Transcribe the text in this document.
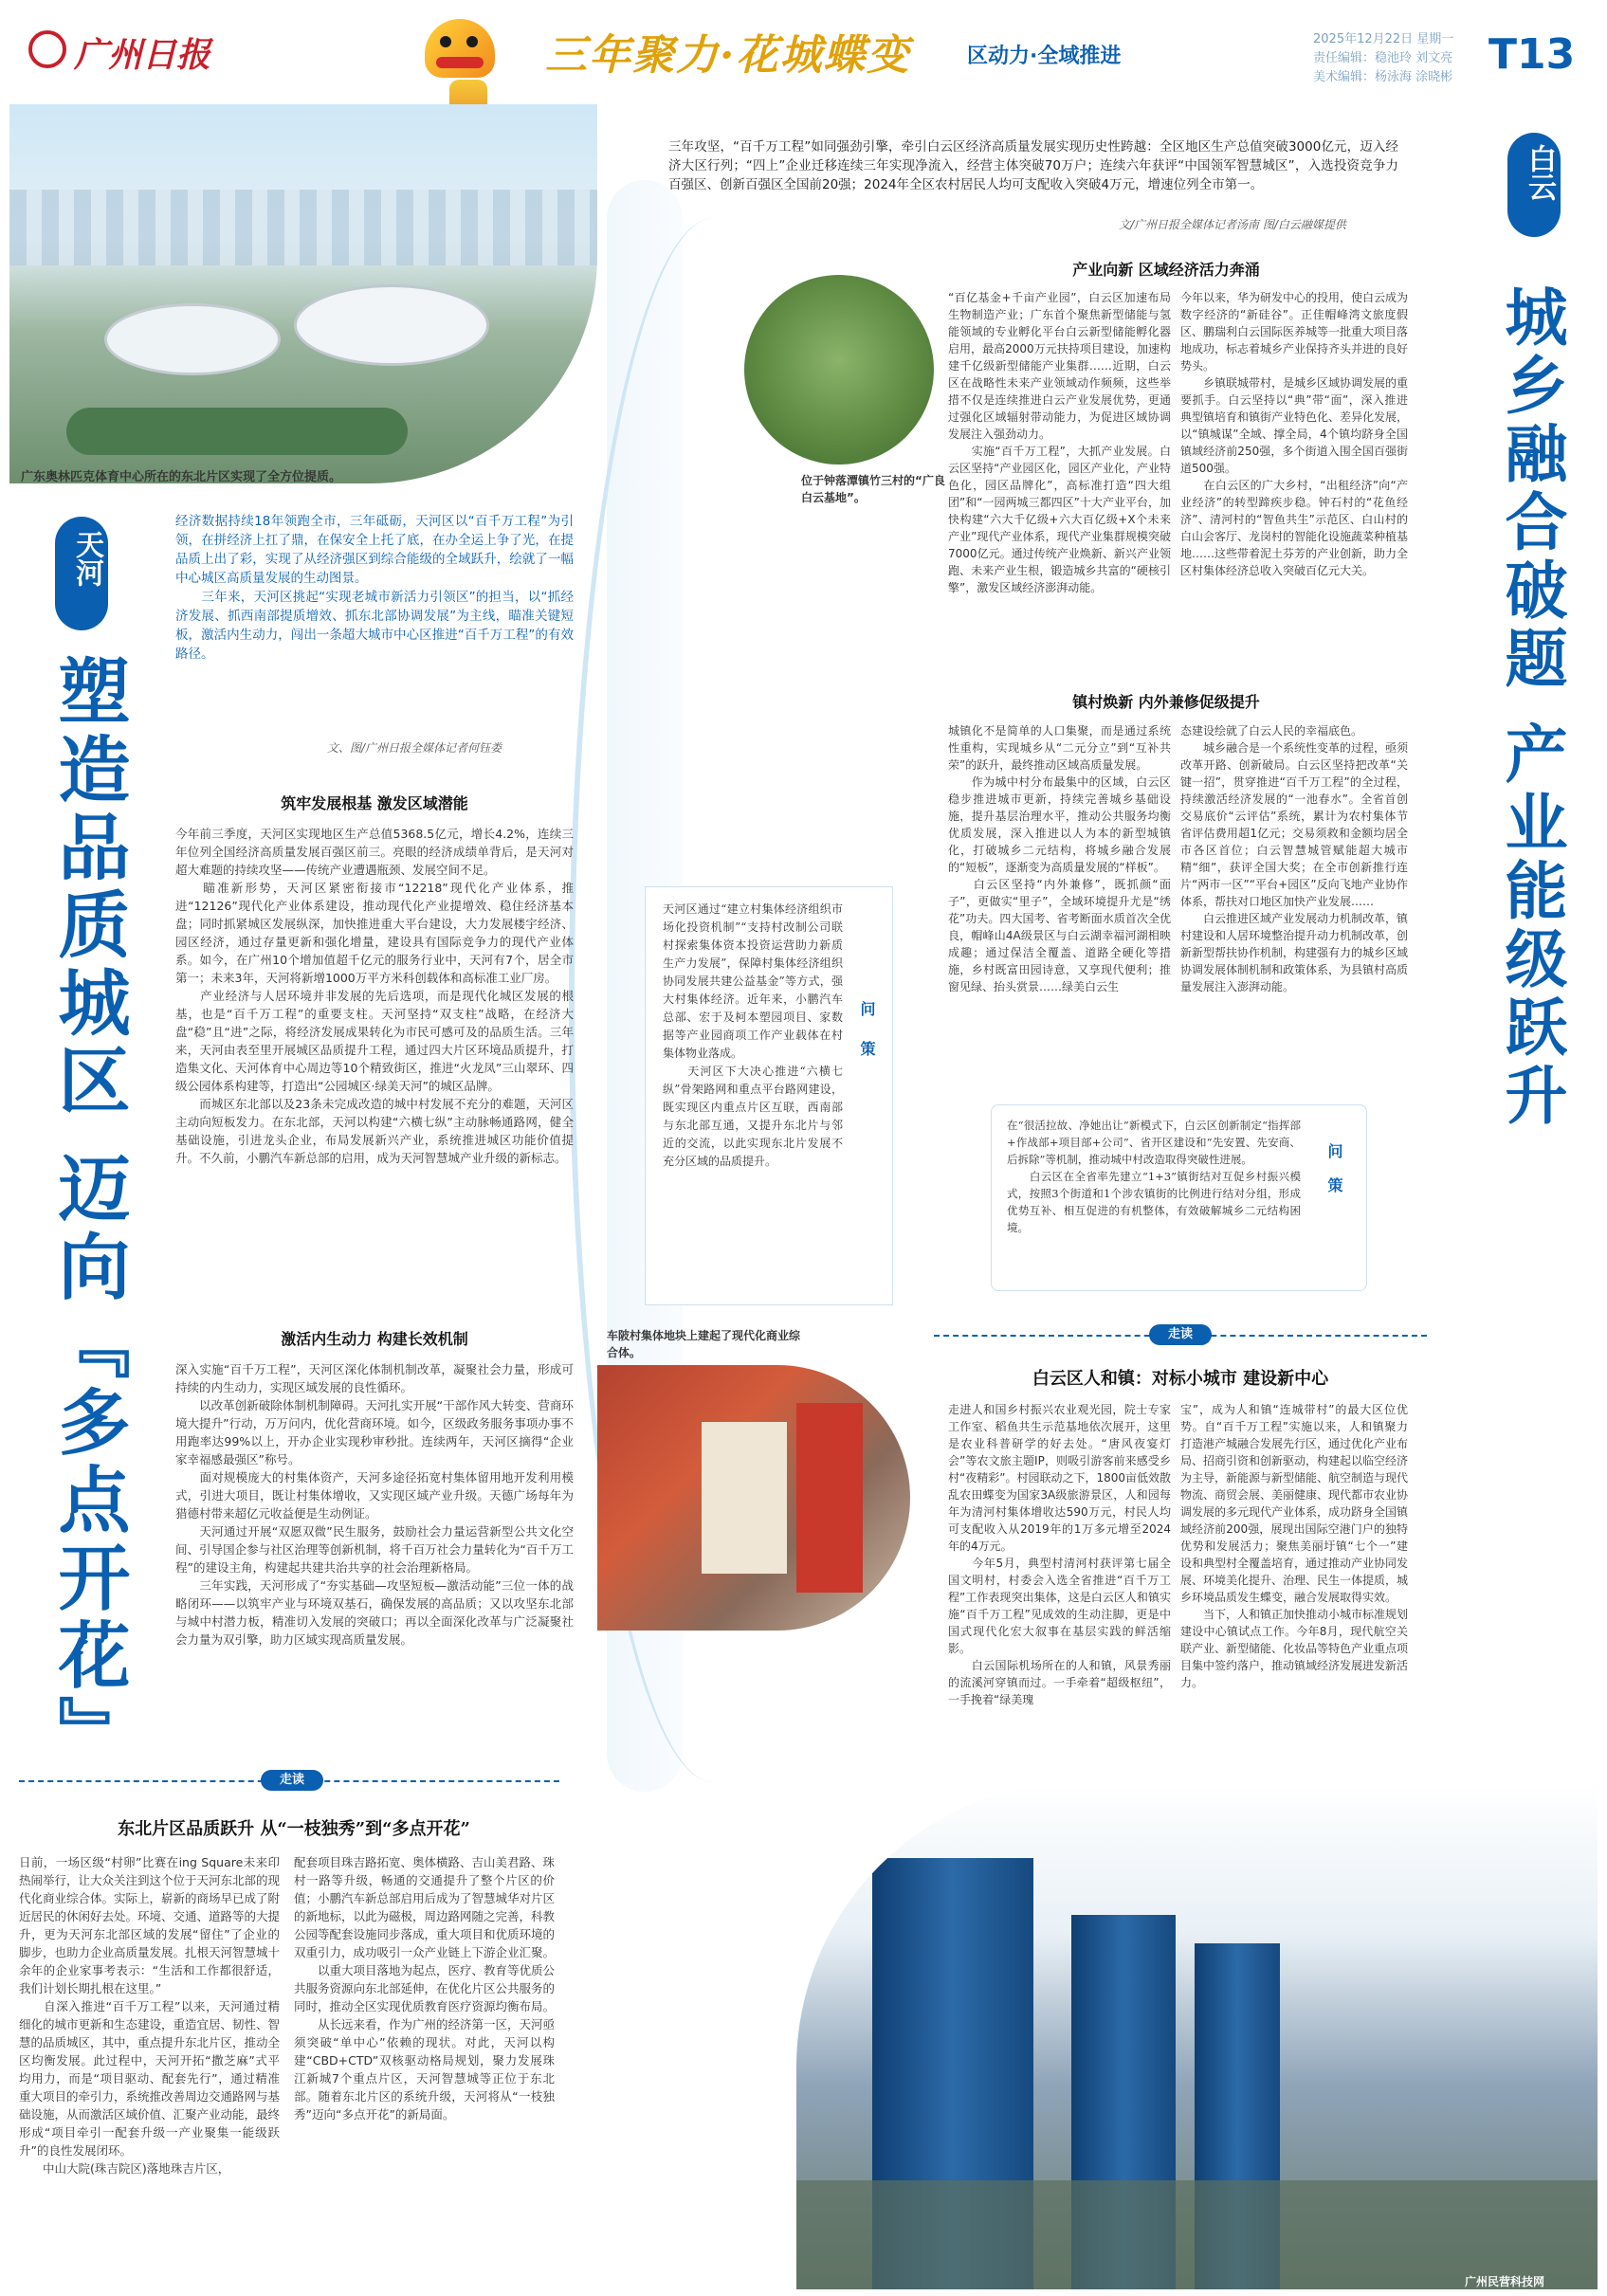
广州日报	三年聚力·花城蝶变	区动力·全域推进
2025年12月22日 星期一
责任编辑：稳池玲 刘文亮
美术编辑：杨泳海 涂晓彬 T13
广东奥林匹克体育中心所在的东北片区实现了全方位提质。
天河
塑造品质城区 迈向『多点开花』
经济数据持续18年领跑全市，三年砥砺，天河区以“百千万工程”为引领，在拼经济上扛了鼎，在保安全上托了底，在办全运上争了光，在提品质上出了彩，实现了从经济强区到综合能级的全域跃升，绘就了一幅中心城区高质量发展的生动图景。
　　三年来，天河区挑起“实现老城市新活力引领区”的担当，以“抓经济发展、抓西南部提质增效、抓东北部协调发展”为主线，瞄准关键短板，激活内生动力，闯出一条超大城市中心区推进“百千万工程”的有效路径。
文、图/广州日报全媒体记者何钰娄
筑牢发展根基 激发区域潜能
今年前三季度，天河区实现地区生产总值5368.5亿元，增长4.2%，连续三年位列全国经济高质量发展百强区前三。亮眼的经济成绩单背后，是天河对超大难题的持续攻坚——传统产业遭遇瓶颈、发展空间不足。
　　瞄准新形势，天河区紧密衔接市“12218”现代化产业体系，推进“12126”现代化产业体系建设，推动现代化产业提增效、稳住经济基本盘；同时抓紧城区发展纵深，加快推进重大平台建设，大力发展楼宇经济、园区经济，通过存量更新和强化增量，建设具有国际竞争力的现代产业体系。如今，在广州10个增加值超千亿元的服务行业中，天河有7个，居全市第一；未来3年，天河将新增1000万平方米科创载体和高标准工业厂房。
　　产业经济与人居环境并非发展的先后选项，而是现代化城区发展的根基，也是“百千万工程”的重要支柱。天河坚持“双支柱”战略，在经济大盘“稳”且“进”之际，将经济发展成果转化为市民可感可及的品质生活。三年来，天河由表至里开展城区品质提升工程，通过四大片区环境品质提升，打造集文化、天河体育中心周边等10个精致街区，推进“火龙凤”三山翠环、四级公园体系构建等，打造出“公园城区·绿美天河”的城区品牌。
　　而城区东北部以及23条未完成改造的城中村发展不充分的难题，天河区主动向短板发力。在东北部，天河以构建“六横七纵”主动脉畅通路网，健全基础设施，引进龙头企业，布局发展新兴产业，系统推进城区功能价值提升。不久前，小鹏汽车新总部的启用，成为天河智慧城产业升级的新标志。
激活内生动力 构建长效机制
深入实施“百千万工程”，天河区深化体制机制改革，凝聚社会力量，形成可持续的内生动力，实现区域发展的良性循环。
　　以改革创新破除体制机制障碍。天河扎实开展“干部作风大转变、营商环境大提升”行动，万万问内，优化营商环境。如今，区级政务服务事项办事不用跑率达99%以上，开办企业实现秒审秒批。连续两年，天河区摘得“企业家幸福感最强区”称号。
　　面对规模庞大的村集体资产，天河多途径拓宽村集体留用地开发利用模式，引进大项目，既让村集体增收，又实现区域产业升级。天德广场每年为猎德村带来超亿元收益便是生动例证。
　　天河通过开展“双愿双微”民生服务，鼓励社会力量运营新型公共文化空间、引导国企参与社区治理等创新机制，将千百万社会力量转化为“百千万工程”的建设主角，构建起共建共治共享的社会治理新格局。
　　三年实践，天河形成了“夯实基础—攻坚短板—激活动能”三位一体的战略闭环——以筑牢产业与环境双基石，确保发展的高品质；又以攻坚东北部与城中村潜力板，精准切入发展的突破口；再以全面深化改革与广泛凝聚社会力量为双引擎，助力区域实现高质量发展。
天河区通过“建立村集体经济组织市场化投资机制”“支持村改制公司联村探索集体资本投资运营助力新质生产力发展”，保障村集体经济组织协同发展共建公益基金”等方式，强大村集体经济。近年来，小鹏汽车总部、宏于及柯本塑园项目、家数据等产业园商项工作产业载体在村集体物业落成。
　　天河区下大决心推进“六横七纵”骨架路网和重点平台路网建设，既实现区内重点片区互联，西南部与东北部互通，又提升东北片与邻近的交流，以此实现东北片发展不充分区域的品质提升。
问策
车陂村集体地块上建起了现代化商业综合体。
走读
东北片区品质跃升 从“一枝独秀”到“多点开花”
日前，一场区级“村卵”比赛在ing Square未来印热闹举行，让大众关注到这个位于天河东北部的现代化商业综合体。实际上，崭新的商场早已成了附近居民的休闲好去处。环境、交通、道路等的大提升，更为天河东北部区域的发展“留住”了企业的脚步，也助力企业高质量发展。扎根天河智慧城十余年的企业家事考表示：“生活和工作都很舒适，我们计划长期扎根在这里。”
　　自深入推进“百千万工程”以来，天河通过精细化的城市更新和生态建设，重造宜居、韧性、智慧的品质城区，其中，重点提升东北片区，推动全区均衡发展。此过程中，天河开拓“撒芝麻”式平均用力，而是“项目驱动、配套先行”，通过精准重大项目的牵引力，系统推改善周边交通路网与基础设施，从而激活区域价值、汇聚产业动能，最终形成“项目牵引一配套升级一产业聚集一能级跃升”的良性发展闭环。
　　中山大院(珠吉院区)落地珠吉片区，
配套项目珠吉路拓宽、奥体横路、吉山美君路、珠村一路等升级，畅通的交通提升了整个片区的价值；小鹏汽车新总部启用后成为了智慧城华对片区的新地标，以此为磁极，周边路网随之完善，科教公园等配套设施同步落成，重大项目和优质环境的双重引力，成功吸引一众产业链上下游企业汇聚。
　　以重大项目落地为起点，医疗、教育等优质公共服务资源向东北部延伸，在优化片区公共服务的同时，推动全区实现优质教育医疗资源均衡布局。
　　从长远来看，作为广州的经济第一区，天河亟须突破“单中心”依赖的现状。对此，天河以构建“CBD+CTD”双核驱动格局规划，聚力发展珠江新城7个重点片区，天河智慧城等正位于东北部。随着东北片区的系统升级，天河将从“一枝独秀”迈向“多点开花”的新局面。
三年攻坚，“百千万工程”如同强劲引擎，牵引白云区经济高质量发展实现历史性跨越：全区地区生产总值突破3000亿元，迈入经济大区行列；“四上”企业迁移连续三年实现净流入，经营主体突破70万户；连续六年获评“中国领军智慧城区”，入选投资竞争力百强区、创新百强区全国前20强；2024年全区农村居民人均可支配收入突破4万元，增速位列全市第一。
文/广州日报全媒体记者汤南 图/白云融媒提供
白云
城乡融合破题 产业能级跃升
位于钟落潭镇竹三村的“广良白云基地”。
产业向新 区域经济活力奔涌
“百亿基金+千亩产业园”，白云区加速布局生物制造产业；广东首个聚焦新型储能与氢能领域的专业孵化平台白云新型储能孵化器启用，最高2000万元扶持项目建设，加速构建千亿级新型储能产业集群……近期，白云区在战略性未来产业领域动作频频，这些举措不仅是连续推进白云产业发展优势，更通过强化区域辐射带动能力，为促进区域协调发展注入强劲动力。
　　实施“百千万工程”，大抓产业发展。白云区坚持“产业园区化，园区产业化，产业特色化，园区品牌化”，高标准打造“四大组团”和“一园两城三都四区”十大产业平台，加快构建“六大千亿级+六大百亿级+X个未来产业”现代产业体系，现代产业集群规模突破7000亿元。通过传统产业焕新、新兴产业领跑、未来产业生根，锻造城乡共富的“硬核引擎”，激发区域经济澎湃动能。
今年以来，华为研发中心的投用，使白云成为数字经济的“新硅谷”。正佳帽峰湾文旅度假区、鹏瑞利白云国际医养城等一批重大项目落地成功，标志着城乡产业保持齐头并进的良好势头。
　　乡镇联城带村，是城乡区域协调发展的重要抓手。白云坚持以“典”带“面”，深入推进典型镇培育和镇街产业特色化、差异化发展，以“镇城谋”全域、撑全局，4个镇均跻身全国镇域经济前250强，多个街道入围全国百强街道500强。
　　在白云区的广大乡村，“出租经济”向“产业经济”的转型蹄疾步稳。钟石村的“花鱼经济”、清河村的“智鱼共生”示范区、白山村的白山会客厅、龙岗村的智能化设施蔬菜种植基地……这些带着泥土芬芳的产业创新，助力全区村集体经济总收入突破百亿元大关。
镇村焕新 内外兼修促级提升
城镇化不是简单的人口集聚，而是通过系统性重构，实现城乡从“二元分立”到“互补共荣”的跃升，最终推动区域高质量发展。
　　作为城中村分布最集中的区域，白云区稳步推进城市更新，持续完善城乡基础设施，提升基层治理水平，推动公共服务均衡优质发展，深入推进以人为本的新型城镇化，打破城乡二元结构，将城乡融合发展的“短板”，逐渐变为高质量发展的“样板”。
　　白云区坚持“内外兼修”，既抓颜“面子”，更做实“里子”，全域环境提升尤是“绣花”功夫。四大国考、省考断面水质首次全优良，帽峰山4A级景区与白云湖幸福河湖相映成趣；通过保洁全覆盖、道路全硬化等措施，乡村既富田园诗意，又享现代便利；推窗见绿、抬头赏景……绿美白云生
态建设绘就了白云人民的幸福底色。
　　城乡融合是一个系统性变革的过程，亟须改革开路、创新破局。白云区坚持把改革“关键一招”，贯穿推进“百千万工程”的全过程，持续激活经济发展的“一池春水”。全省首创交易底价“云评估”系统，累计为农村集体节省评估费用超1亿元；交易须救和金额均居全市各区首位；白云智慧城管赋能超大城市精“细”，获评全国大奖；在全市创新推行连片“两市一区”“平台+园区”反向飞地产业协作体系，帮扶对口地区加快产业发展……
　　白云推进区域产业发展动力机制改革，镇村建设和人居环境整治提升动力机制改革，创新新型帮扶协作机制，构建强有力的城乡区域协调发展体制机制和政策体系，为县镇村高质量发展注入澎湃动能。
在“很活拉故、净她出让”新模式下，白云区创新制定“指挥部+作战部+项目部+公司”、省开区建设和“先安置、先安商、后拆除”等机制，推动城中村改造取得突破性进展。
　　白云区在全省率先建立“1+3”镇街结对互促乡村振兴模式，按照3个街道和1个涉农镇街的比例进行结对分组，形成优势互补、相互促进的有机整体，有效破解城乡二元结构困境。
问策
走读
白云区人和镇：对标小城市 建设新中心
走进人和国乡村振兴农业观光园，院士专家工作室、稻鱼共生示范基地依次展开，这里是农业科普研学的好去处。“唐风夜宴灯会”等农文旅主题IP，则吸引游客前来感受乡村“夜精彩”。村园联动之下，1800亩低效散乱农田蝶变为国家3A级旅游景区，人和园每年为清河村集体增收达590万元，村民人均可支配收入从2019年的1万多元增至2024年的4万元。
　　今年5月，典型村清河村获评第七届全国文明村，村委会入选全省推进“百千万工程”工作表现突出集体，这是白云区人和镇实施“百千万工程”见成效的生动注脚，更是中国式现代化宏大叙事在基层实践的鲜活缩影。
　　白云国际机场所在的人和镇，风景秀丽的流溪河穿镇而过。一手牵着“超级枢纽”，一手挽着“绿美瑰
宝”，成为人和镇“连城带村”的最大区位优势。自“百千万工程”实施以来，人和镇聚力打造港产城融合发展先行区，通过优化产业布局、招商引资和创新驱动，构建起以临空经济为主导，新能源与新型储能、航空制造与现代物流、商贸会展、美丽健康、现代都市农业协调发展的多元现代产业体系，成功跻身全国镇域经济前200强，展现出国际空港门户的独特优势和发展活力；聚焦美丽圩镇“七个一”建设和典型村全覆盖培育，通过推动产业协同发展、环境美化提升、治理、民生一体提质，城乡环境品质发生蝶变，融合发展取得实效。
　　当下，人和镇正加快推动小城市标准规划建设中心镇试点工作。今年8月，现代航空关联产业、新型储能、化妆品等特色产业重点项目集中签约落户，推动镇域经济发展进发新活力。
广州民营科技网
